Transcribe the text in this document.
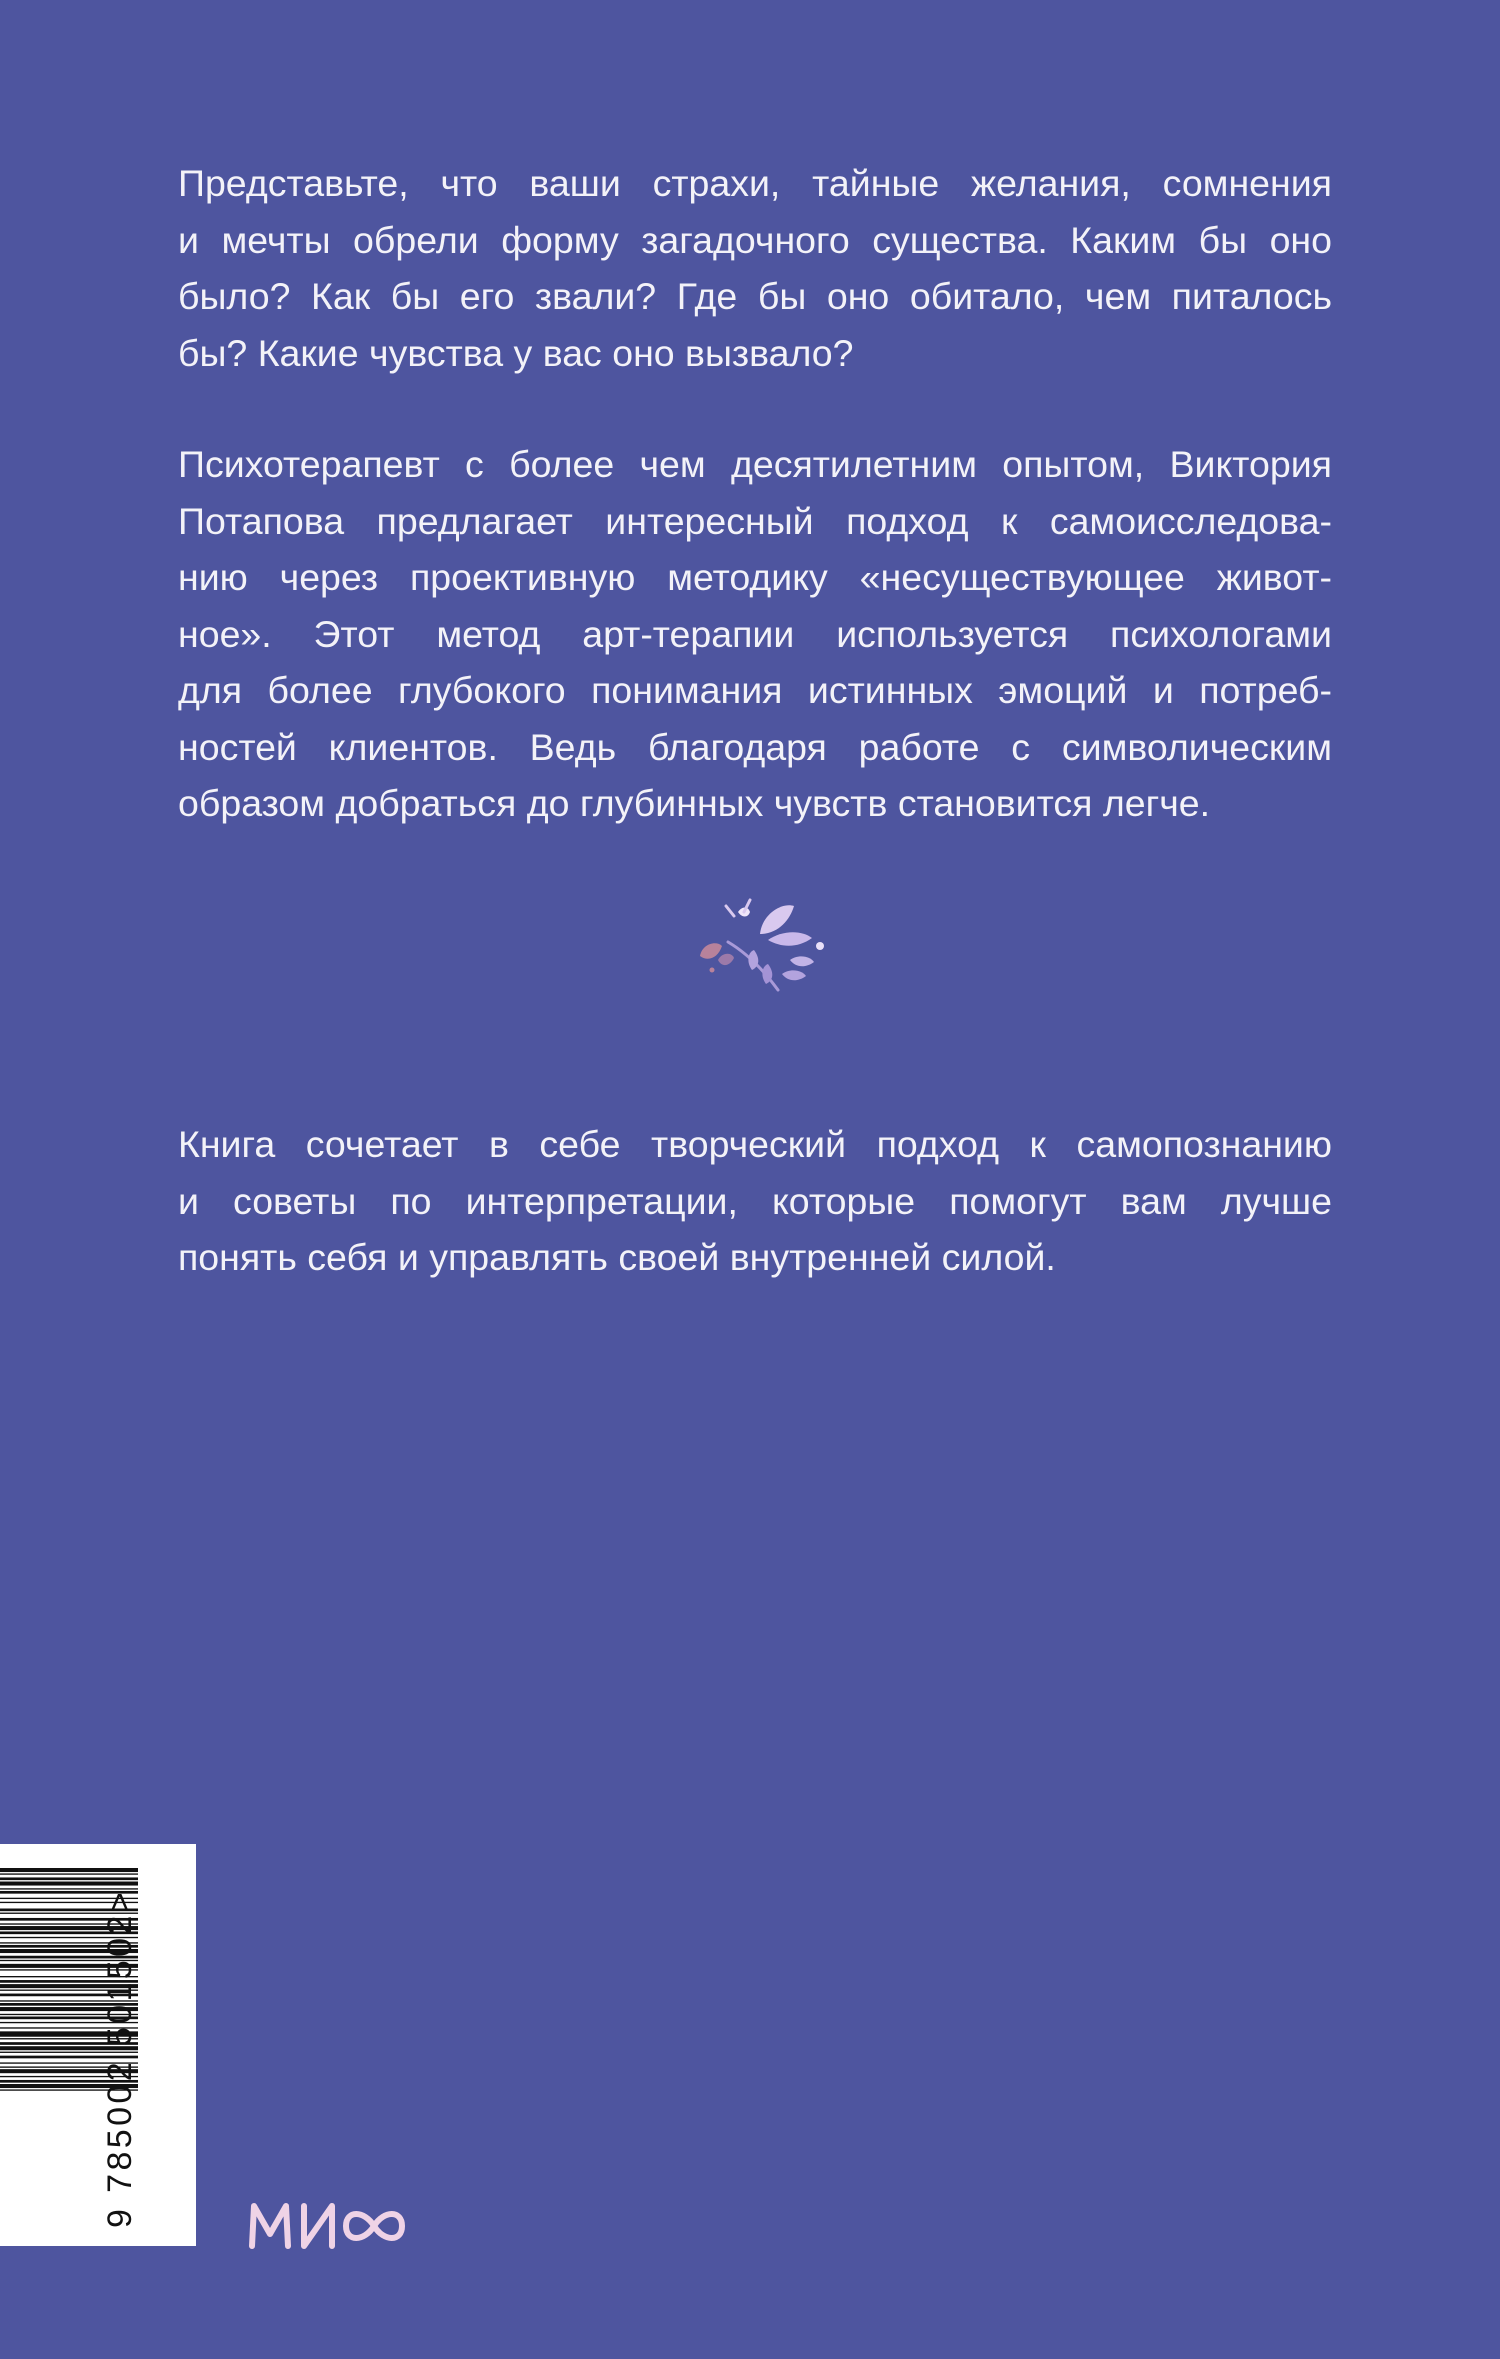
Представьте, что ваши страхи, тайные желания, сомнения
и мечты обрели форму загадочного существа. Каким бы оно
было? Как бы его звали? Где бы оно обитало, чем питалось
бы? Какие чувства у вас оно вызвало?

Психотерапевт с более чем десятилетним опытом, Виктория
Потапова предлагает интересный подход к самоисследова-
нию через проективную методику «несуществующее живот-
ное». Этот метод арт-терапии используется психологами
для более глубокого понимания истинных эмоций и потреб-
ностей клиентов. Ведь благодаря работе с символическим
образом добраться до глубинных чувств становится легче.

Книга сочетает в себе творческий подход к самопознанию
и советы по интерпретации, которые помогут вам лучше
понять себя и управлять своей внутренней силой.

9 785002 501502>
